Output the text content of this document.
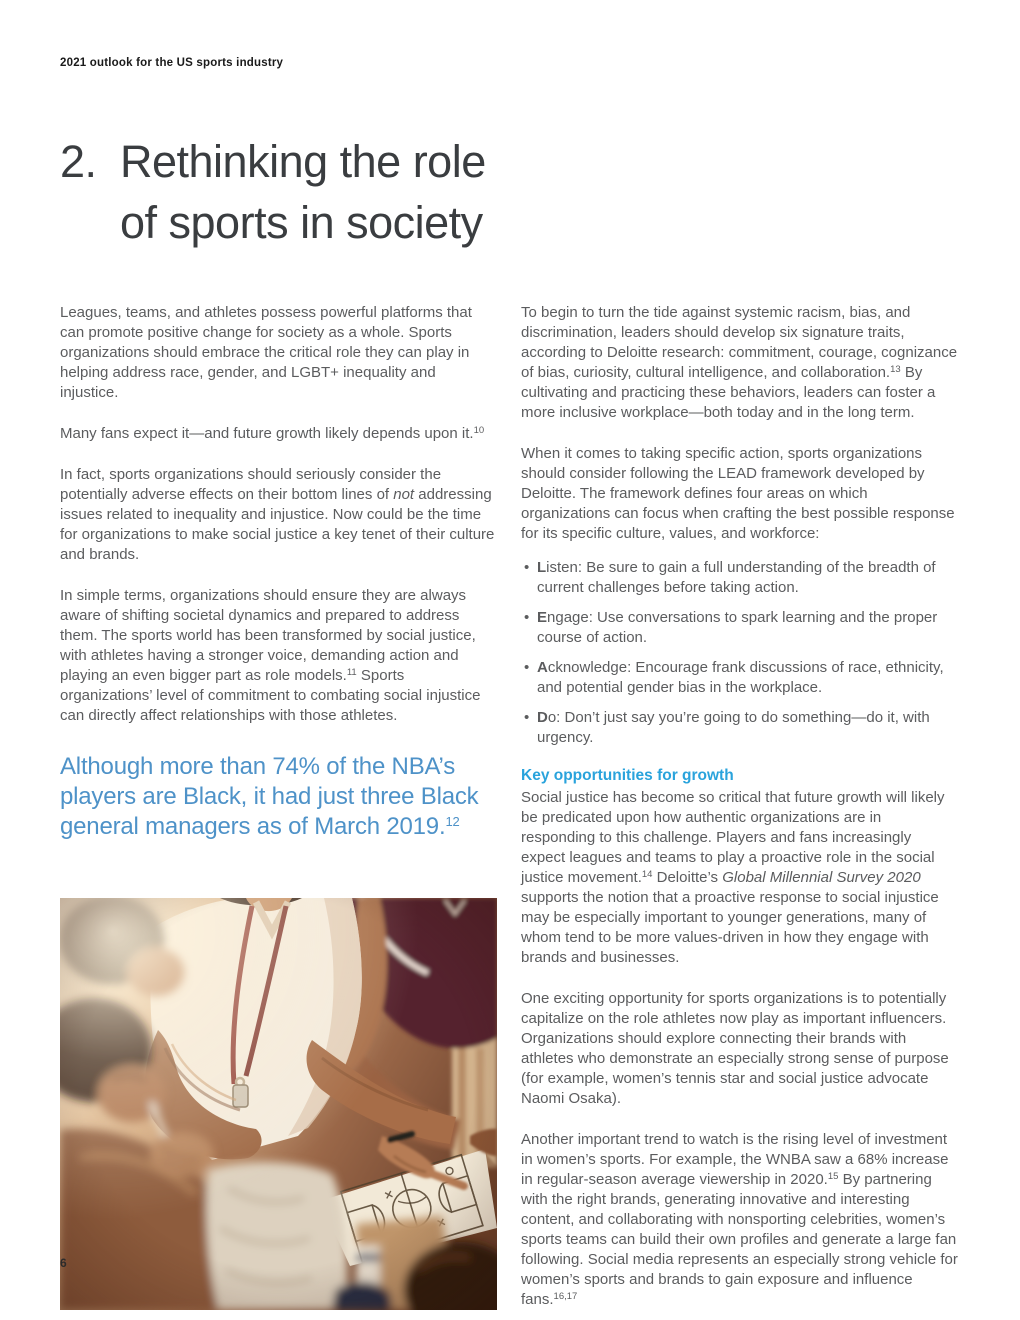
2021 outlook for the US sports industry
2. Rethinking the role
of sports in society

Leagues, teams, and athletes possess powerful platforms that can promote positive change for society as a whole. Sports organizations should embrace the critical role they can play in helping address race, gender, and LGBT+ inequality and injustice.

Many fans expect it—and future growth likely depends upon it.$^{10}$

In fact, sports organizations should seriously consider the potentially adverse effects on their bottom lines of not addressing issues related to inequality and injustice. Now could be the time for organizations to make social justice a key tenet of their culture and brands.

In simple terms, organizations should ensure they are always aware of shifting societal dynamics and prepared to address them. The sports world has been transformed by social justice, with athletes having a stronger voice, demanding action and playing an even bigger part as role models.$^{11}$ Sports organizations’ level of commitment to combating social injustice can directly affect relationships with those athletes.

Although more than 74% of the NBA’s players are Black, it had just three Black general managers as of March 2019.12

To begin to turn the tide against systemic racism, bias, and discrimination, leaders should develop six signature traits, according to Deloitte research: commitment, courage, cognizance of bias, curiosity, cultural intelligence, and collaboration.$^{13}$ By cultivating and practicing these behaviors, leaders can foster a more inclusive workplace—both today and in the long term.

When it comes to taking specific action, sports organizations should consider following the LEAD framework developed by Deloitte. The framework defines four areas on which organizations can focus when crafting the best possible response for its specific culture, values, and workforce:

• Listen: Be sure to gain a full understanding of the breadth of current challenges before taking action.
• Engage: Use conversations to spark learning and the proper course of action.
• Acknowledge: Encourage frank discussions of race, ethnicity, and potential gender bias in the workplace.
• Do: Don’t just say you’re going to do something—do it, with urgency.
Key opportunities for growth

Social justice has become so critical that future growth will likely be predicated upon how authentic organizations are in responding to this challenge. Players and fans increasingly expect leagues and teams to play a proactive role in the social justice movement.$^{14}$ Deloitte’s Global Millennial Survey 2020 supports the notion that a proactive response to social injustice may be especially important to younger generations, many of whom tend to be more values-driven in how they engage with brands and businesses.

One exciting opportunity for sports organizations is to potentially capitalize on the role athletes now play as important influencers. Organizations should explore connecting their brands with athletes who demonstrate an especially strong sense of purpose (for example, women’s tennis star and social justice advocate Naomi Osaka).

Another important trend to watch is the rising level of investment in women’s sports. For example, the WNBA saw a 68% increase in regular-season average viewership in 2020.15 By partnering with the right brands, generating innovative and interesting content, and collaborating with nonsporting celebrities, women’s sports teams can build their own profiles and generate a large fan following. Social media represents an especially strong vehicle for women’s sports and brands to gain exposure and influence fans.$^{16,17}$

6
